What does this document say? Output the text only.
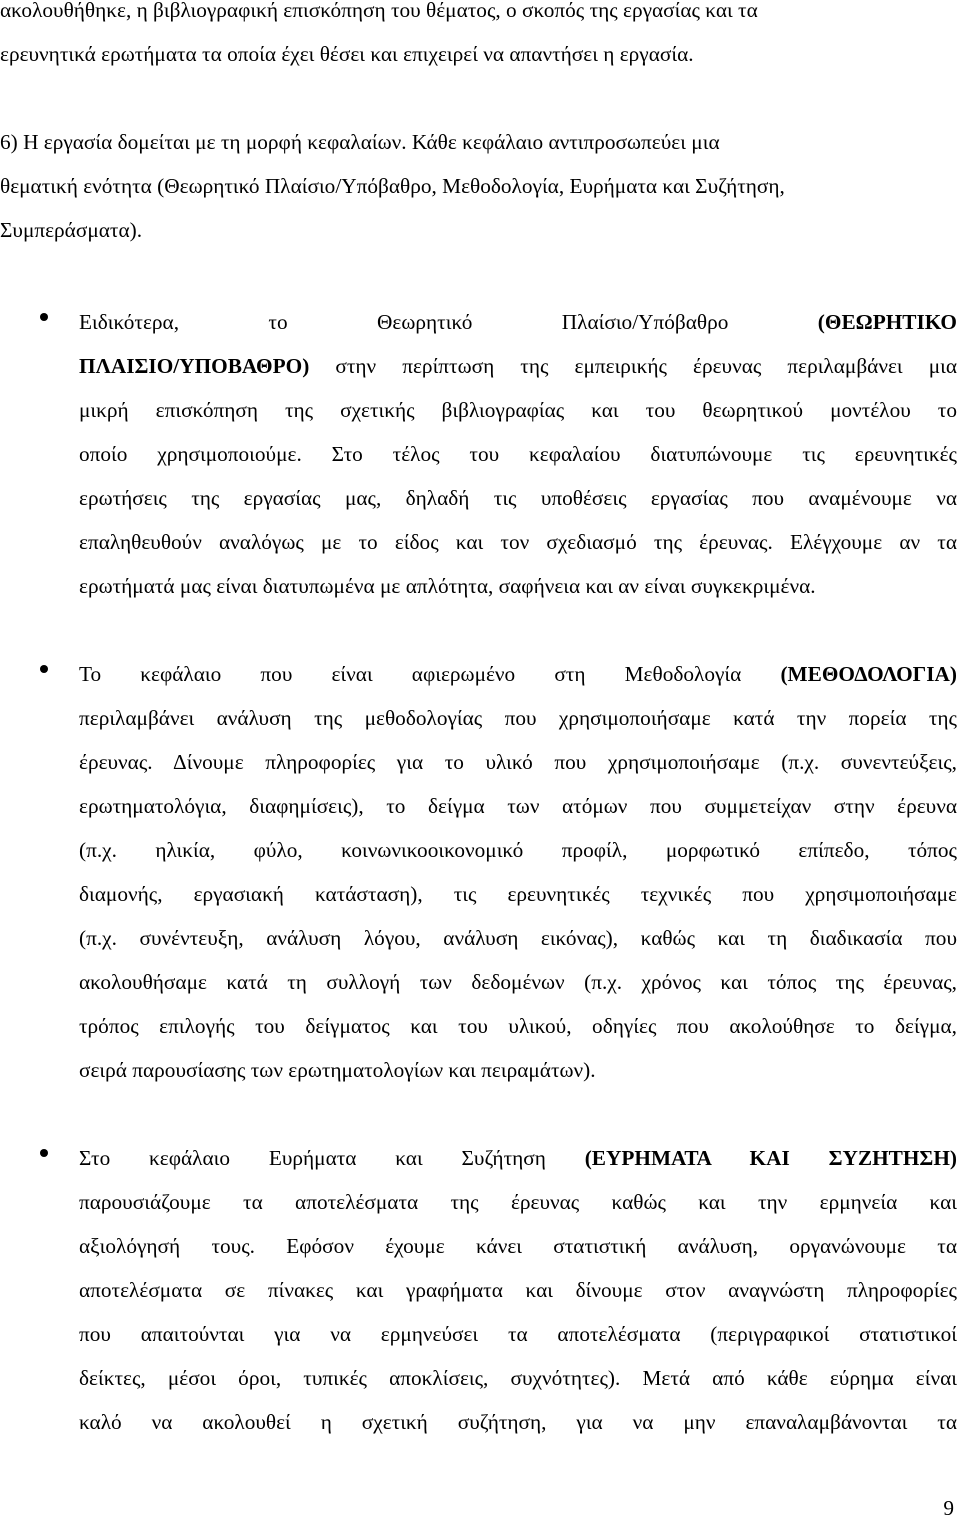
ακολουθήθηκε, η βιβλιογραφική επισκόπηση του θέματος, ο σκοπός της εργασίας και τα
ερευνητικά ερωτήματα τα οποία έχει θέσει και επιχειρεί να απαντήσει η εργασία.
6) Η εργασία δομείται με τη μορφή κεφαλαίων. Κάθε κεφάλαιο αντιπροσωπεύει μια
θεματική ενότητα (Θεωρητικό Πλαίσιο/Υπόβαθρο, Μεθοδολογία, Ευρήματα και Συζήτηση,
Συμπεράσματα).
Ειδικότερα, το Θεωρητικό Πλαίσιο/Υπόβαθρο (ΘΕΩΡΗΤΙΚΟ
ΠΛΑΙΣΙΟ/ΥΠΟΒΑΘΡΟ) στην περίπτωση της εμπειρικής έρευνας περιλαμβάνει μια
μικρή επισκόπηση της σχετικής βιβλιογραφίας και του θεωρητικού μοντέλου το
οποίο χρησιμοποιούμε. Στο τέλος του κεφαλαίου διατυπώνουμε τις ερευνητικές
ερωτήσεις της εργασίας μας, δηλαδή τις υποθέσεις εργασίας που αναμένουμε να
επαληθευθούν αναλόγως με το είδος και τον σχεδιασμό της έρευνας. Ελέγχουμε αν τα
ερωτήματά μας είναι διατυπωμένα με απλότητα, σαφήνεια και αν είναι συγκεκριμένα.
Το κεφάλαιο που είναι αφιερωμένο στη Μεθοδολογία (ΜΕΘΟΔΟΛΟΓΙΑ)
περιλαμβάνει ανάλυση της μεθοδολογίας που χρησιμοποιήσαμε κατά την πορεία της
έρευνας. Δίνουμε πληροφορίες για το υλικό που χρησιμοποιήσαμε (π.χ. συνεντεύξεις,
ερωτηματολόγια, διαφημίσεις), το δείγμα των ατόμων που συμμετείχαν στην έρευνα
(π.χ. ηλικία, φύλο, κοινωνικοοικονομικό προφίλ, μορφωτικό επίπεδο, τόπος
διαμονής, εργασιακή κατάσταση), τις ερευνητικές τεχνικές που χρησιμοποιήσαμε
(π.χ. συνέντευξη, ανάλυση λόγου, ανάλυση εικόνας), καθώς και τη διαδικασία που
ακολουθήσαμε κατά τη συλλογή των δεδομένων (π.χ. χρόνος και τόπος της έρευνας,
τρόπος επιλογής του δείγματος και του υλικού, οδηγίες που ακολούθησε το δείγμα,
σειρά παρουσίασης των ερωτηματολογίων και πειραμάτων).
Στο κεφάλαιο Ευρήματα και Συζήτηση (ΕΥΡΗΜΑΤΑ ΚΑΙ ΣΥΖΗΤΗΣΗ)
παρουσιάζουμε τα αποτελέσματα της έρευνας καθώς και την ερμηνεία και
αξιολόγησή τους. Εφόσον έχουμε κάνει στατιστική ανάλυση, οργανώνουμε τα
αποτελέσματα σε πίνακες και γραφήματα και δίνουμε στον αναγνώστη πληροφορίες
που απαιτούνται για να ερμηνεύσει τα αποτελέσματα (περιγραφικοί στατιστικοί
δείκτες, μέσοι όροι, τυπικές αποκλίσεις, συχνότητες). Μετά από κάθε εύρημα είναι
καλό να ακολουθεί η σχετική συζήτηση, για να μην επαναλαμβάνονται τα
9
